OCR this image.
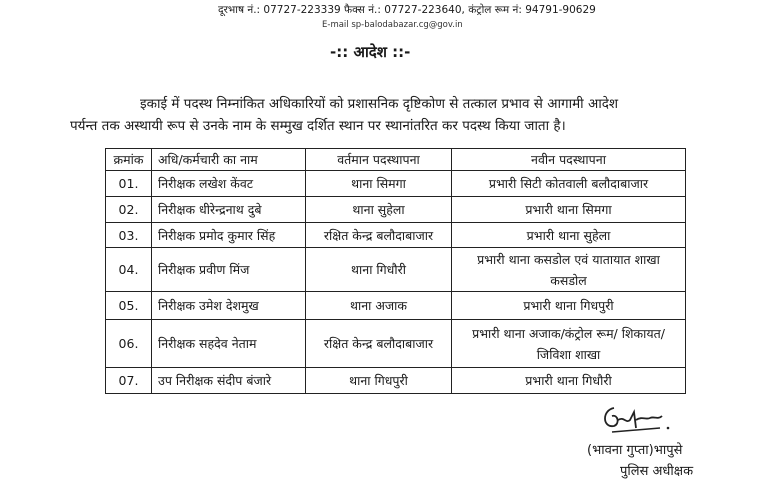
दूरभाष नं.: 07727-223339 फैक्स नं.: 07727-223640, कंट्रोल रूम नं: 94791-90629
E-mail sp-balodabazar.cg@gov.in
-:: आदेश ::-
इकाई में पदस्थ निम्नांकित अधिकारियों को प्रशासनिक दृष्टिकोण से तत्काल प्रभाव से आगामी आदेश
पर्यन्त तक अस्थायी रूप से उनके नाम के सम्मुख दर्शित स्थान पर स्थानांतरित कर पदस्थ किया जाता है।
क्रमांक	अधि/कर्मचारी का नाम	वर्तमान पदस्थापना	नवीन पदस्थापना
01.	निरीक्षक लखेश केंवट	थाना सिमगा	प्रभारी सिटी कोतवाली बलौदाबाजार
02.	निरीक्षक धीरेन्द्रनाथ दुबे	थाना सुहेला	प्रभारी थाना सिमगा
03.	निरीक्षक प्रमोद कुमार सिंह	रक्षित केन्द्र बलौदाबाजार	प्रभारी थाना सुहेला
04.	निरीक्षक प्रवीण मिंज	थाना गिधौरी	प्रभारी थाना कसडोल एवं यातायात शाखा कसडोल
05.	निरीक्षक उमेश देशमुख	थाना अजाक	प्रभारी थाना गिधपुरी
06.	निरीक्षक सहदेव नेताम	रक्षित केन्द्र बलौदाबाजार	प्रभारी थाना अजाक/कंट्रोल रूम/ शिकायत/जिविशा शाखा
07.	उप निरीक्षक संदीप बंजारे	थाना गिधपुरी	प्रभारी थाना गिधौरी
(भावना गुप्ता)भापुसे
पुलिस अधीक्षक
